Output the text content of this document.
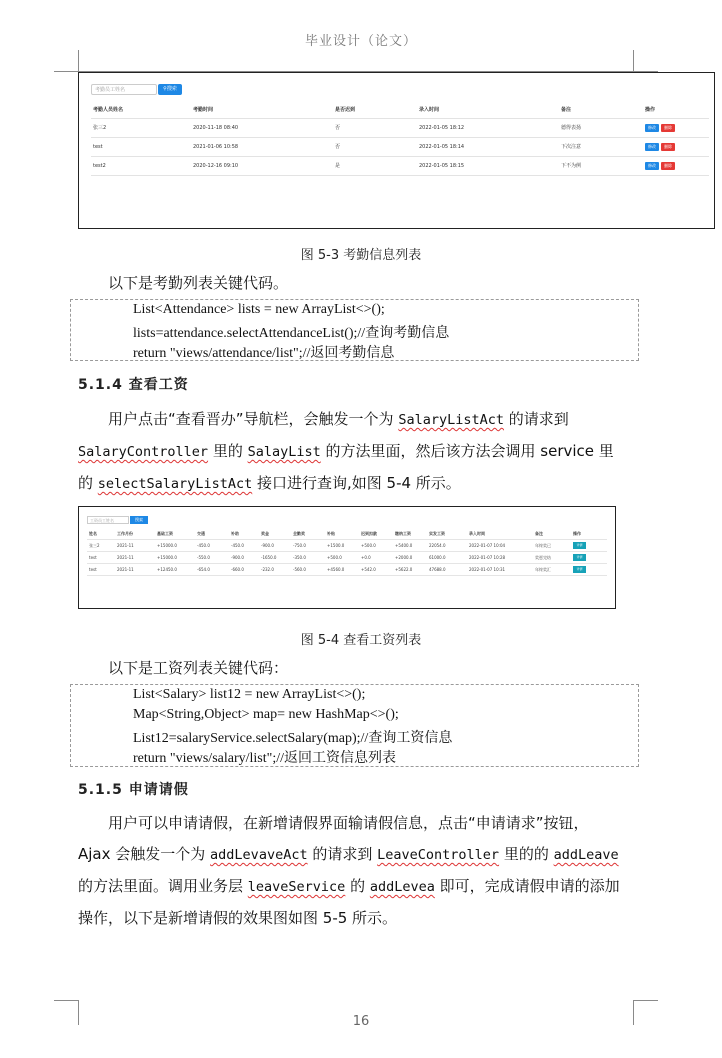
毕业设计（论文）
考勤员工姓名	⚲搜索
考勤人员姓名	考勤时间	是否迟到	录入时间	备注	操作
张三2	2020-11-18 08:40	否	2022-01-05 18:12	德得表扬	修改	删除
test	2021-01-06 10:58	否	2022-01-05 18:14	下次注意	修改	删除
test2	2020-12-16 09:10	是	2022-01-05 18:15	下不为例	修改	删除
图 5-3 考勤信息列表
以下是考勤列表关键代码。
List<Attendance> lists = new ArrayList<>();
lists=attendance.selectAttendanceList();//查询考勤信息
return "views/attendance/list";//返回考勤信息
5.1.4 查看工资
用户点击“查看晋办”导航栏，会触发一个为 SalaryListAct 的请求到
SalaryController 里的 SalayList 的方法里面，然后该方法会调用 service 里
的 selectSalaryListAct 接口进行查询,如图 5-4 所示。
工资员工姓名	搜索
姓名	工作月份	基础工资	交通	补助	奖金	全勤奖	补贴	迟到扣款	缴纳工资	实发工资	录入时间	备注	操作
张三2	2021-11	+15000.0	-450.0	-450.0	-900.0	-750.0	+1500.0	+500.0	+5400.0	22054.0	2022-01-07 10:04	年终奖已	详情
test	2021-11	+15000.0	-550.0	-900.0	-1650.0	-350.0	+500.0	+0.0	+2000.0	61000.0	2022-01-07 10:28	奖惩完结	详情
test	2021-11	+12450.0	-654.0	-660.0	-232.0	-560.0	+4560.0	+542.0	+5622.0	47688.0	2022-01-07 10:31	年终奖汇	详情
图 5-4 查看工资列表
以下是工资列表关键代码：
List<Salary> list12 = new ArrayList<>();
Map<String,Object> map= new HashMap<>();
List12=salaryService.selectSalary(map);//查询工资信息
return "views/salary/list";//返回工资信息列表
5.1.5 申请请假
用户可以申请请假，在新增请假界面输请假信息，点击“申请请求”按钮，
Ajax 会触发一个为 addLevaveAct 的请求到 LeaveController 里的的 addLeave
的方法里面。调用业务层 leaveService 的 addLevea 即可，完成请假申请的添加
操作，以下是新增请假的效果图如图 5-5 所示。
16
